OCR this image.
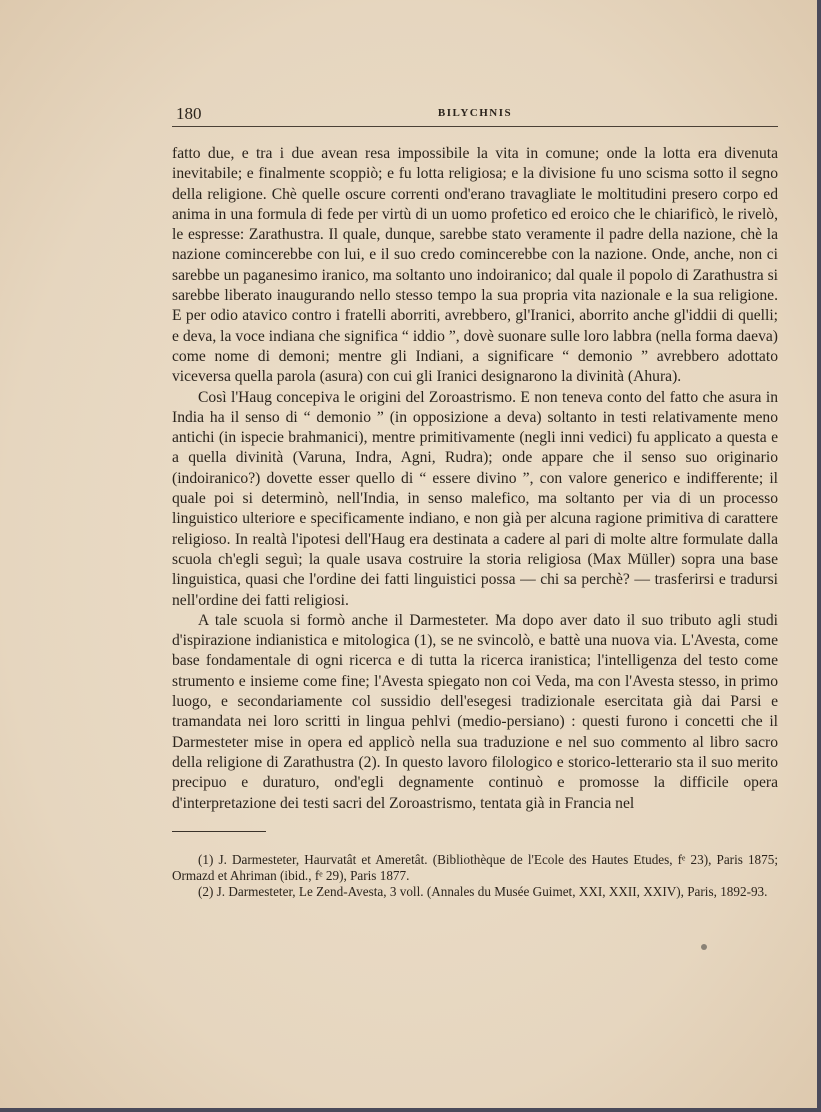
180	BILYCHNIS

fatto due, e tra i due avean resa impossibile la vita in comune; onde la lotta era divenuta inevitabile; e finalmente scoppiò; e fu lotta religiosa; e la divisione fu uno scisma sotto il segno della religione. Chè quelle oscure correnti ond'erano travagliate le moltitudini presero corpo ed anima in una formula di fede per virtù di un uomo profetico ed eroico che le chiarificò, le rivelò, le espresse: Zarathustra. Il quale, dunque, sarebbe stato veramente il padre della nazione, chè la nazione comincerebbe con lui, e il suo credo comincerebbe con la nazione. Onde, anche, non ci sarebbe un paganesimo iranico, ma soltanto uno indoiranico; dal quale il popolo di Zarathustra si sarebbe liberato inaugurando nello stesso tempo la sua propria vita nazionale e la sua religione. E per odio atavico contro i fratelli aborriti, avrebbero, gl'Iranici, aborrito anche gl'iddii di quelli; e deva, la voce indiana che significa “ iddio ”, dovè suonare sulle loro labbra (nella forma daeva) come nome di demoni; mentre gli Indiani, a significare “ demonio ” avrebbero adottato viceversa quella parola (asura) con cui gli Iranici designarono la divinità (Ahura).

Così l'Haug concepiva le origini del Zoroastrismo. E non teneva conto del fatto che asura in India ha il senso di “ demonio ” (in opposizione a deva) soltanto in testi relativamente meno antichi (in ispecie brahmanici), mentre primitivamente (negli inni vedici) fu applicato a questa e a quella divinità (Varuna, Indra, Agni, Rudra); onde appare che il senso suo originario (indoiranico?) dovette esser quello di “ essere divino ”, con valore generico e indifferente; il quale poi si determinò, nell'India, in senso malefico, ma soltanto per via di un processo linguistico ulteriore e specificamente indiano, e non già per alcuna ragione primitiva di carattere religioso. In realtà l'ipotesi dell'Haug era destinata a cadere al pari di molte altre formulate dalla scuola ch'egli seguì; la quale usava costruire la storia religiosa (Max Müller) sopra una base linguistica, quasi che l'ordine dei fatti linguistici possa — chi sa perchè? — trasferirsi e tradursi nell'ordine dei fatti religiosi.

A tale scuola si formò anche il Darmesteter. Ma dopo aver dato il suo tributo agli studi d'ispirazione indianistica e mitologica (1), se ne svincolò, e battè una nuova via. L'Avesta, come base fondamentale di ogni ricerca e di tutta la ricerca iranistica; l'intelligenza del testo come strumento e insieme come fine; l'Avesta spiegato non coi Veda, ma con l'Avesta stesso, in primo luogo, e secondariamente col sussidio dell'esegesi tradizionale esercitata già dai Parsi e tramandata nei loro scritti in lingua pehlvi (medio-persiano) : questi furono i concetti che il Darmesteter mise in opera ed applicò nella sua traduzione e nel suo commento al libro sacro della religione di Zarathustra (2). In questo lavoro filologico e storico-letterario sta il suo merito precipuo e duraturo, ond'egli degnamente continuò e promosse la difficile opera d'interpretazione dei testi sacri del Zoroastrismo, tentata già in Francia nel

(1) J. Darmesteter, Haurvatât et Ameretât. (Bibliothèque de l'Ecole des Hautes Etudes, fᵉ 23), Paris 1875; Ormazd et Ahriman (ibid., fᵉ 29), Paris 1877.

(2) J. Darmesteter, Le Zend-Avesta, 3 voll. (Annales du Musée Guimet, XXI, XXII, XXIV), Paris, 1892-93.
